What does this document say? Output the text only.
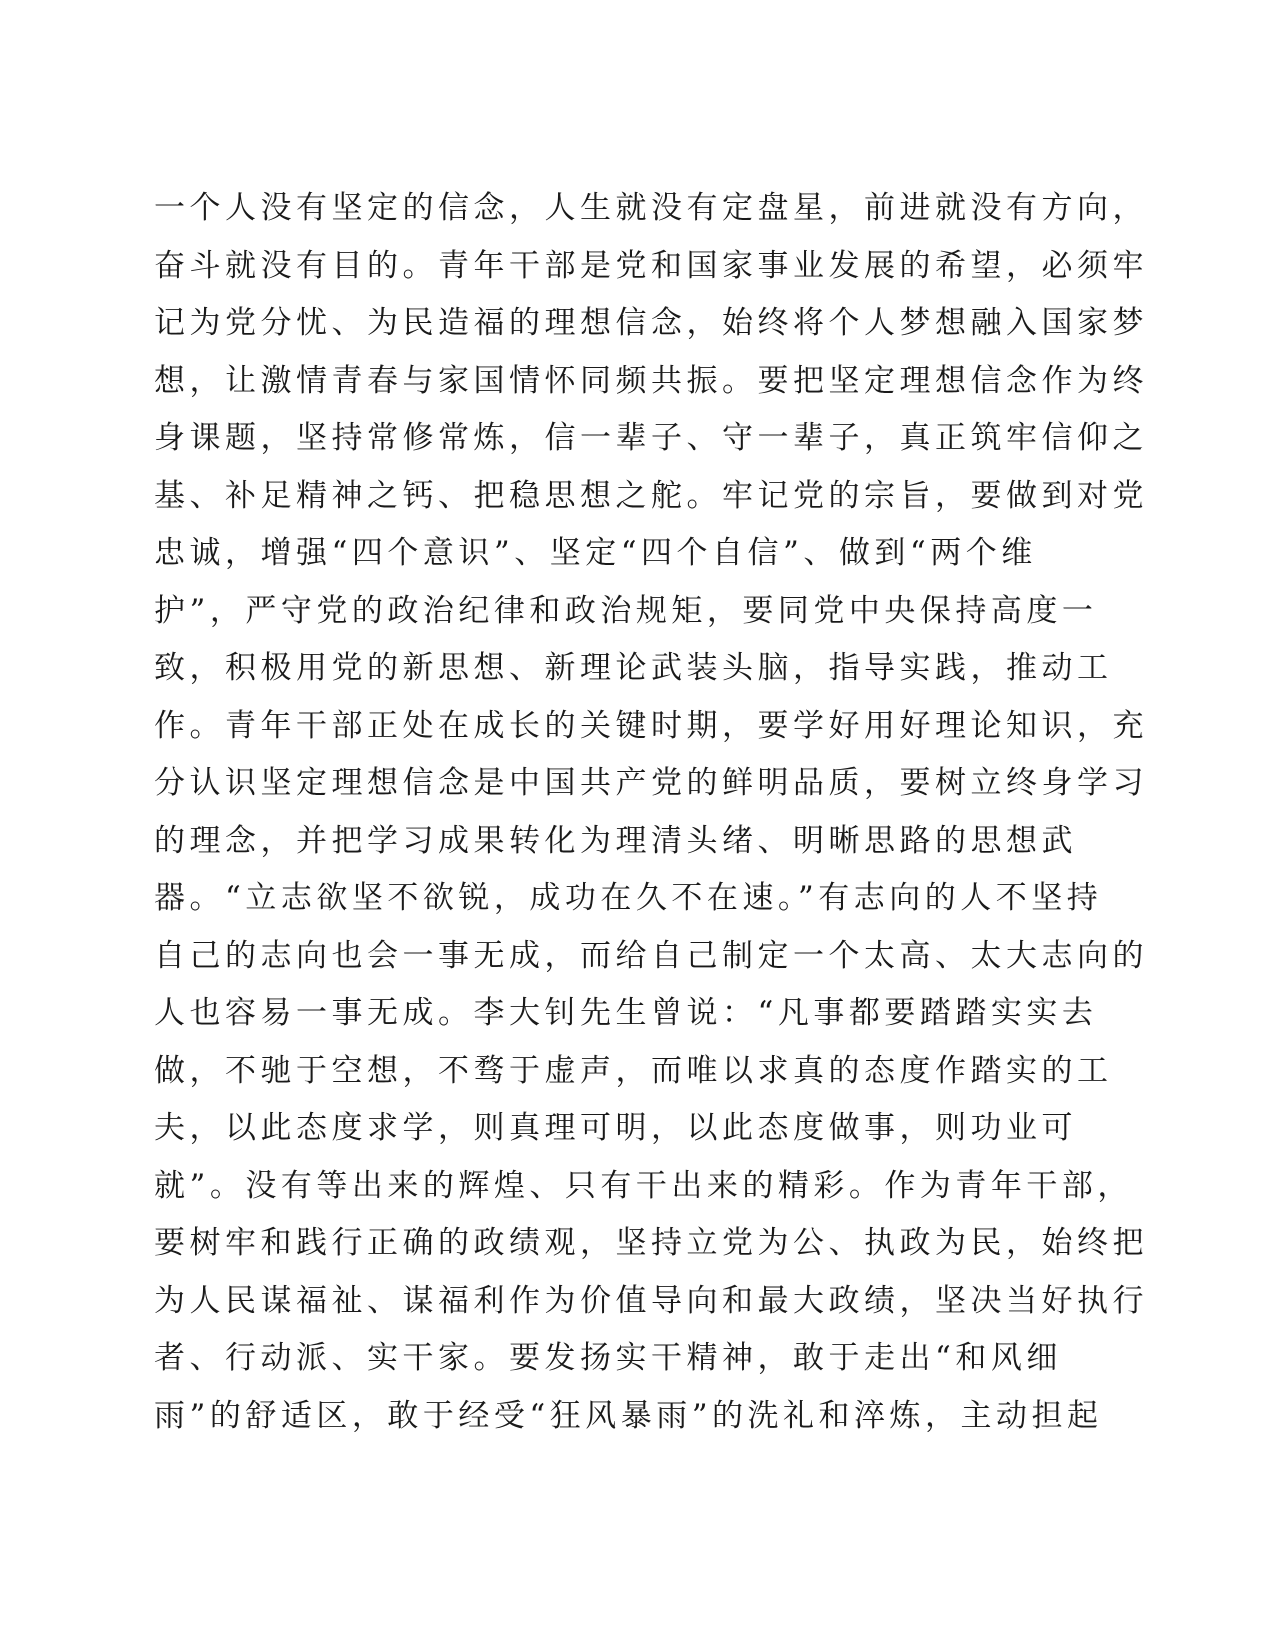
一个人没有坚定的信念，人生就没有定盘星，前进就没有方向，
奋斗就没有目的。青年干部是党和国家事业发展的希望，必须牢
记为党分忧、为民造福的理想信念，始终将个人梦想融入国家梦
想，让激情青春与家国情怀同频共振。要把坚定理想信念作为终
身课题，坚持常修常炼，信一辈子、守一辈子，真正筑牢信仰之
基、补足精神之钙、把稳思想之舵。牢记党的宗旨，要做到对党
忠诚，增强“四个意识”、坚定“四个自信”、做到“两个维
护”，严守党的政治纪律和政治规矩，要同党中央保持高度一
致，积极用党的新思想、新理论武装头脑，指导实践，推动工
作。青年干部正处在成长的关键时期，要学好用好理论知识，充
分认识坚定理想信念是中国共产党的鲜明品质，要树立终身学习
的理念，并把学习成果转化为理清头绪、明晰思路的思想武
器。“立志欲坚不欲锐，成功在久不在速。”有志向的人不坚持
自己的志向也会一事无成，而给自己制定一个太高、太大志向的
人也容易一事无成。李大钊先生曾说：“凡事都要踏踏实实去
做，不驰于空想，不骛于虚声，而唯以求真的态度作踏实的工
夫，以此态度求学，则真理可明，以此态度做事，则功业可
就”。没有等出来的辉煌、只有干出来的精彩。作为青年干部，
要树牢和践行正确的政绩观，坚持立党为公、执政为民，始终把
为人民谋福祉、谋福利作为价值导向和最大政绩，坚决当好执行
者、行动派、实干家。要发扬实干精神，敢于走出“和风细
雨”的舒适区，敢于经受“狂风暴雨”的洗礼和淬炼，主动担起
